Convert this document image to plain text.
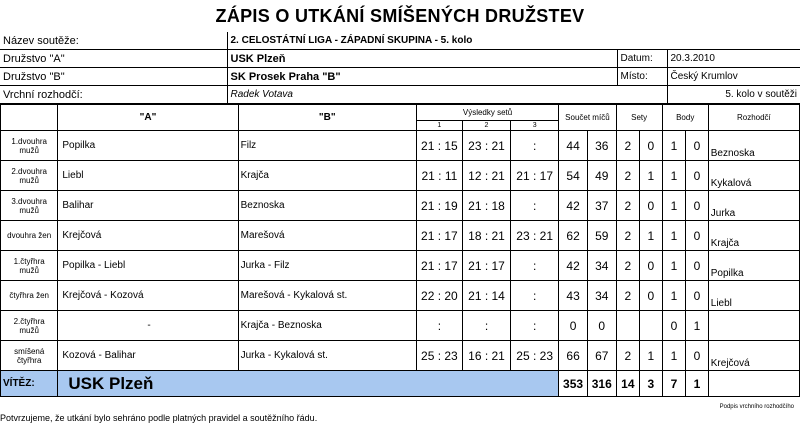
ZÁPIS O UTKÁNÍ SMÍŠENÝCH DRUŽSTEV
Název soutěže:	2. CELOSTÁTNÍ LIGA - ZÁPADNÍ SKUPINA - 5. kolo		
Družstvo "A"	USK Plzeň	Datum:	20.3.2010
Družstvo "B"	SK Prosek Praha "B"	Místo:	Český Krumlov
Vrchní rozhodčí:	Radek Votava		5. kolo v soutěži
	"A"	"B"	Výsledky setů			Součet míčů		Sety		Body		Rozhodčí
			1	2	3							
1.dvouhra mužů	Popilka	Filz	21 : 15	23 : 21	:	44	36	2	0	1	0	Beznoska
2.dvouhra mužů	Liebl	Krajča	21 : 11	12 : 21	21 : 17	54	49	2	1	1	0	Kykalová
3.dvouhra mužů	Balihar	Beznoska	21 : 19	21 : 18	:	42	37	2	0	1	0	Jurka
dvouhra žen	Krejčová	Marešová	21 : 17	18 : 21	23 : 21	62	59	2	1	1	0	Krajča
1.čtyřhra mužů	Popilka - Liebl	Jurka - Filz	21 : 17	21 : 17	:	42	34	2	0	1	0	Popilka
čtyřhra žen	Krejčová - Kozová	Marešová - Kykalová st.	22 : 20	21 : 14	:	43	34	2	0	1	0	Liebl
2.čtyřhra mužů	-	Krajča - Beznoska	:	:	:	0	0			0	1	
smíšená čtyřhra	Kozová - Balihar	Jurka - Kykalová st.	25 : 23	16 : 21	25 : 23	66	67	2	1	1	0	Krejčová
VÍTĚZ:	USK Plzeň					353	316	14	3	7	1	
Podpis vrchního rozhodčího
Potvrzujeme, že utkání bylo sehráno podle platných pravidel a soutěžního řádu.
